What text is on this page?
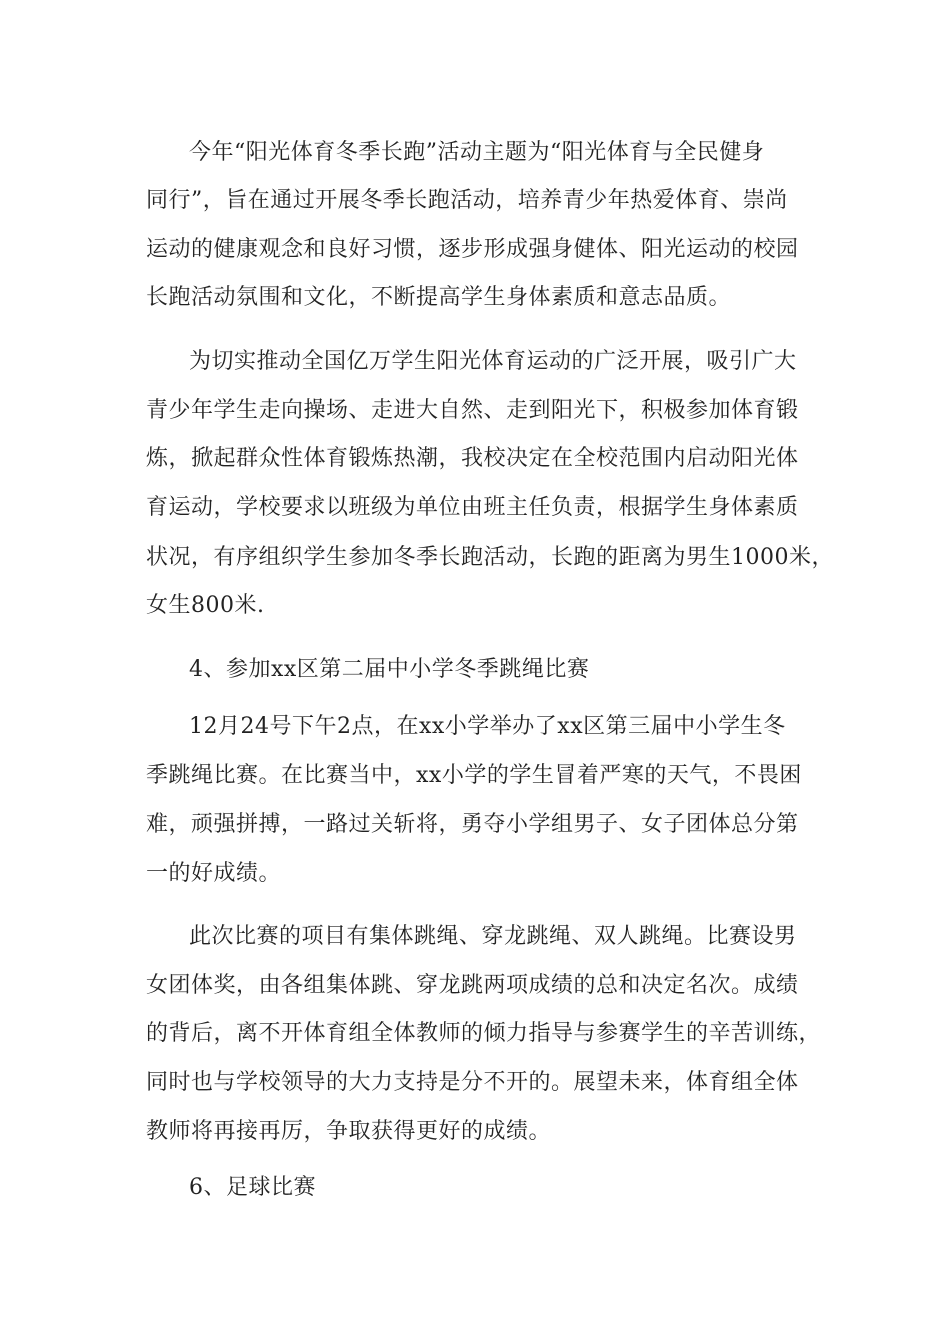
今年“阳光体育冬季长跑”活动主题为“阳光体育与全民健身
同行”，旨在通过开展冬季长跑活动，培养青少年热爱体育、崇尚
运动的健康观念和良好习惯，逐步形成强身健体、阳光运动的校园
长跑活动氛围和文化，不断提高学生身体素质和意志品质。
为切实推动全国亿万学生阳光体育运动的广泛开展，吸引广大
青少年学生走向操场、走进大自然、走到阳光下，积极参加体育锻
炼，掀起群众性体育锻炼热潮，我校决定在全校范围内启动阳光体
育运动，学校要求以班级为单位由班主任负责，根据学生身体素质
状况，有序组织学生参加冬季长跑活动，长跑的距离为男生1000米，
女生800米.
4、参加xx区第二届中小学冬季跳绳比赛
12月24号下午2点，在xx小学举办了xx区第三届中小学生冬
季跳绳比赛。在比赛当中，xx小学的学生冒着严寒的天气，不畏困
难，顽强拼搏，一路过关斩将，勇夺小学组男子、女子团体总分第
一的好成绩。
此次比赛的项目有集体跳绳、穿龙跳绳、双人跳绳。比赛设男
女团体奖，由各组集体跳、穿龙跳两项成绩的总和决定名次。成绩
的背后，离不开体育组全体教师的倾力指导与参赛学生的辛苦训练，
同时也与学校领导的大力支持是分不开的。展望未来，体育组全体
教师将再接再厉，争取获得更好的成绩。
6、足球比赛
